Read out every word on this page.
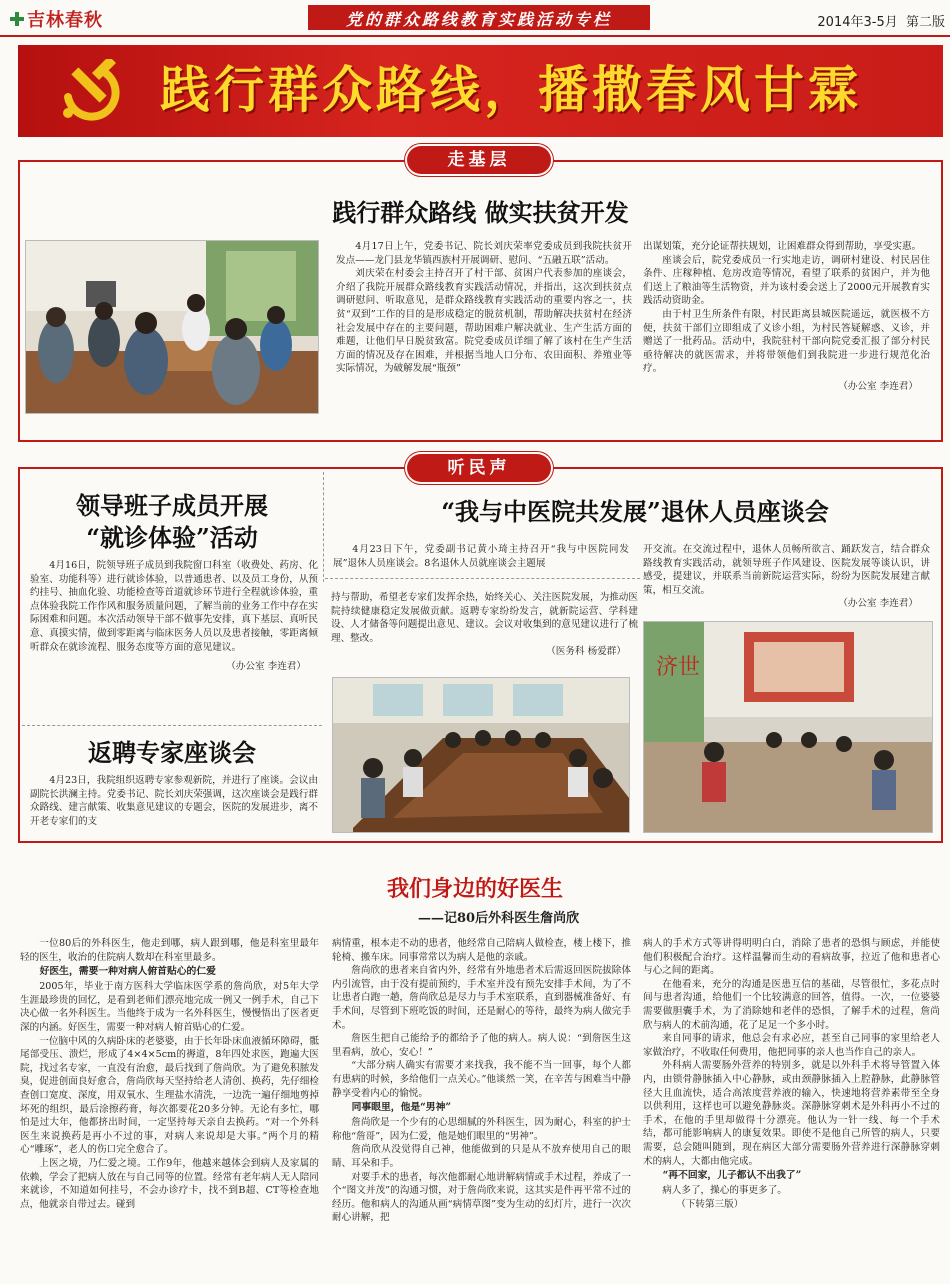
吉林春秋	党的群众路线教育实践活动专栏	2014年3-5月  第二版
践行群众路线，播撒春风甘霖
走基层
践行群众路线 做实扶贫开发

4月17日上午，党委书记、院长刘庆荣率党委成员到我院扶贫开发点——龙门县龙华镇西族村开展调研、慰问、“五融五联”活动。

刘庆荣在村委会主持召开了村干部、贫困户代表参加的座谈会，介绍了我院开展群众路线教育实践活动情况，并指出，这次到扶贫点调研慰问、听取意见，是群众路线教育实践活动的重要内容之一，扶贫“双到”工作的目的是形成稳定的脱贫机制，帮助解决扶贫村在经济社会发展中存在的主要问题，帮助困难户解决就业、生产生活方面的难题，让他们早日脱贫致富。院党委成员详细了解了该村在生产生活方面的情况及存在困难，并根据当地人口分布、农田面积、养殖业等实际情况，为破解发展“瓶颈”

出谋划策，充分论证帮扶规划，让困难群众得到帮助，享受实惠。

座谈会后，院党委成员一行实地走访，调研村建设、村民居住条件、庄稼种植、危房改造等情况，看望了联系的贫困户，并为他们送上了粮油等生活物资，并为该村委会送上了2000元开展教育实践活动资助金。

由于村卫生所条件有限，村民距离县城医院遥远，就医极不方便，扶贫干部们立即组成了义诊小组，为村民答疑解惑、义诊，并赠送了一批药品。活动中，我院驻村干部向院党委汇报了部分村民亟待解决的就医需求，并将带领他们到我院进一步进行规范化治疗。

（办公室 李连君）

听民声
领导班子成员开展
“就诊体验”活动

4月16日，院领导班子成员到我院窗口科室（收费处、药房、化验室、功能科等）进行就诊体验，以普通患者、以及员工身份，从预约挂号、抽血化验、功能检查等首道就诊环节进行全程就诊体验，重点体验我院工作作风和服务质量问题，了解当前的业务工作中存在实际困难和问题。本次活动领导干部不做事先安排，真下基层、真听民意、真摸实情，做到零距离与临床医务人员以及患者接触，零距离倾听群众在就诊流程、服务态度等方面的意见建议。

（办公室 李连君）

返聘专家座谈会

4月23日，我院组织返聘专家参观新院，并进行了座谈。会议由副院长洪澜主持。党委书记、院长刘庆荣强调，这次座谈会是践行群众路线、建言献策、收集意见建议的专题会，医院的发展进步，离不开老专家们的支

“我与中医院共发展”退休人员座谈会

4月23日下午，党委副书记黄小琦主持召开“我与中医院同发展”退休人员座谈会。8名退休人员就座谈会主题展

持与帮助，希望老专家们发挥余热，始终关心、关注医院发展，为推动医院持续健康稳定发展做贡献。返聘专家纷纷发言，就新院运营、学科建设、人才储备等问题提出意见、建议。会议对收集到的意见建议进行了梳理、整改。

（医务科 杨爱群）

开交流。在交流过程中，退休人员畅所欲言、踊跃发言，结合群众路线教育实践活动，就领导班子作风建设、医院发展等谈认识，讲感受，提建议，并联系当前新院运营实际，纷纷为医院发展建言献策，相互交流。

（办公室 李连君）

济世
我们身边的好医生
——记80后外科医生詹尚欣

一位80后的外科医生，他走到哪，病人跟到哪，他是科室里最年轻的医生，收治的住院病人数却在科室里最多。

好医生，需要一种对病人俯首贴心的仁爱

2005年，毕业于南方医科大学临床医学系的詹尚欣，对5年大学生涯最珍贵的回忆，是看到老师们漂亮地完成一例又一例手术，自己下决心做一名外科医生。当他终于成为一名外科医生，慢慢悟出了医者更深的内涵。好医生，需要一种对病人俯首贴心的仁爱。

一位脑中风的久病卧床的老婆婆，由于长年卧床血液循环障碍，骶尾部受压、溃烂，形成了4×4×5cm的褥道，8年四处求医，跑遍大医院，找过名专家，一直没有治愈，最后找到了詹尚欣。为了避免积脓发臭，促进创面良好愈合，詹尚欣每天坚持给老人清创、换药，先仔细检查创口宽度、深度，用双氧水、生理盐水清洗，一边洗一遍仔细地剪掉坏死的组织，最后涂擦药膏，每次都要花20多分钟。无论有多忙，哪怕是过大年，他都挤出时间，一定坚持每天亲自去换药。“对一个外科医生来说换药是再小不过的事，对病人来说却是大事。”两个月的精心“雕琢”，老人的伤口完全愈合了。

上医之境，乃仁爱之境。工作9年，他越来越体会到病人及家属的依赖，学会了把病人放在与自己同等的位置。经常有老年病人无人陪同来就诊，不知道如何挂号，不会办诊疗卡，找不到B超、CT等检查地点，他就亲自带过去。碰到

病情重，根本走不动的患者，他经常自己陪病人做检查，楼上楼下，推轮椅、搬车床。同事常常以为病人是他的亲戚。

詹尚欣的患者来自省内外，经常有外地患者术后需返回医院拔除体内引流管，由于没有提前预约，手术室并没有预先安排手术间，为了不让患者白跑一趟，詹尚欣总是尽力与手术室联系，直到器械准备好、有手术间，尽管到下班吃饭的时间，还是耐心的等待，最终为病人做完手术。

詹医生把自己能给予的都给予了他的病人。病人说：“到詹医生这里看病，放心，安心！”

“大部分病人确实有需要才来找我，我不能不当一回事，每个人都有患病的时候，多给他们一点关心。”他谈然一笑，在辛苦与困难当中静静享受着内心的愉悦。

同事眼里，他是“男神”

詹尚欣是一个少有的心思细腻的外科医生，因为耐心，科室的护士称他“詹哥”，因为仁爱，他是她们眼里的“男神”。

詹尚欣从没觉得自己神，他能做到的只是从不放弃使用自己的眼睛、耳朵和手。

对要手术的患者，每次他都耐心地讲解病情或手术过程，养成了一个“图文并茂”的沟通习惯，对于詹尚欣来说，这其实是件再平常不过的经历。他和病人的沟通从画“病情草图”变为生动的幻灯片，进行一次次耐心讲解，把

病人的手术方式等讲得明明白白，消除了患者的恐惧与顾虑，并能使他们积极配合治疗。这样温馨而生动的看病故事，拉近了他和患者心与心之间的距离。

在他看来，充分的沟通是医患互信的基础，尽管很忙，多花点时间与患者沟通，给他们一个比较满意的回答，值得。一次，一位婆婆需要做胆囊手术，为了消除她和老伴的恐惧，了解手术的过程，詹尚欣与病人的术前沟通，花了足足一个多小时。

来自同事的请求，他总会有求必应，甚至自己同事的家里给老人家做治疗，不收取任何费用，他把同事的亲人也当作自己的亲人。

外科病人需要肠外营养的特别多，就是以外科手术将导管置入体内，由锁骨静脉插入中心静脉，或由颈静脉插入上腔静脉，此静脉管径大且血流快，适合高浓度营养液的输入，快速地将营养素带至全身以供利用，这样也可以避免静脉炎。深静脉穿刺术是外科再小不过的手术，在他的手里却做得十分漂亮。他认为一针一线、每一个手术结，都可能影响病人的康复效果。即使不是他自己所管的病人，只要需要，总会随叫随到，现在病区大部分需要肠外营养进行深静脉穿刺术的病人，大都由他完成。

“再不回家，儿子都认不出我了”

病人多了，操心的事更多了。

（下转第三版）
